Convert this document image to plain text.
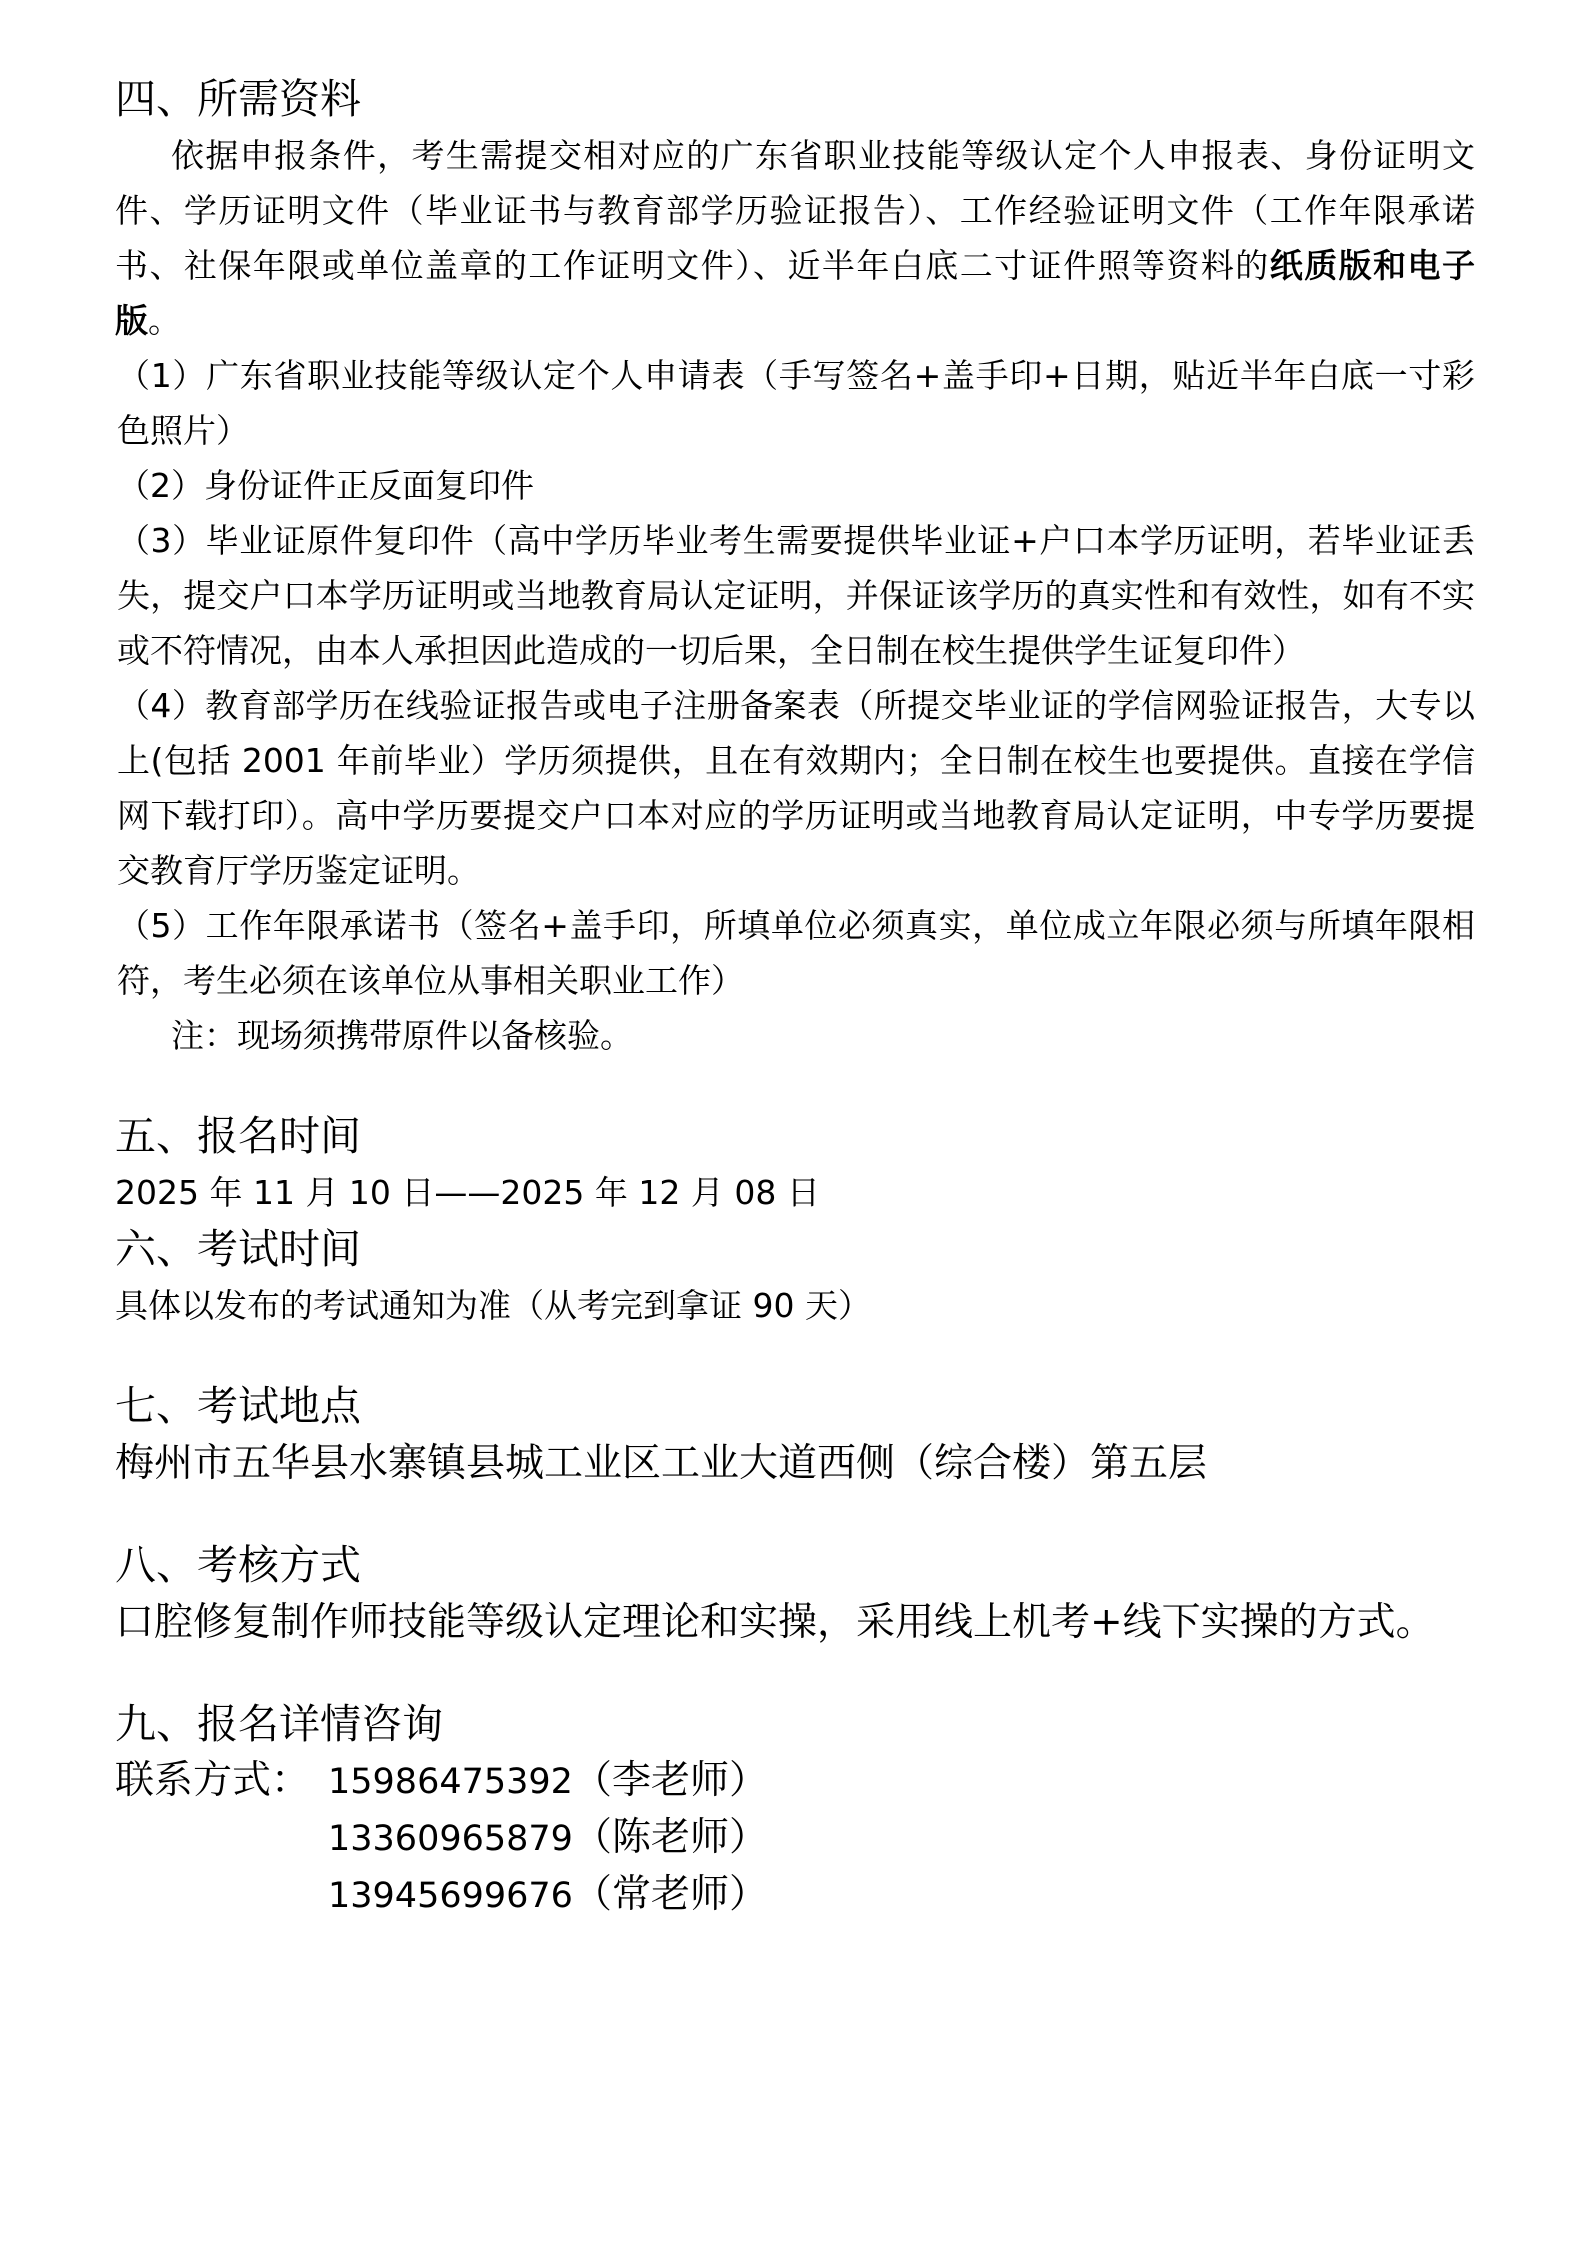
四、所需资料

依据申报条件，考生需提交相对应的广东省职业技能等级认定个人申报表、身份证明文件、学历证明文件（毕业证书与教育部学历验证报告）、工作经验证明文件（工作年限承诺书、社保年限或单位盖章的工作证明文件）、近半年白底二寸证件照等资料的纸质版和电子版。

（1）广东省职业技能等级认定个人申请表（手写签名+盖手印+日期，贴近半年白底一寸彩色照片）

（2）身份证件正反面复印件

（3）毕业证原件复印件（高中学历毕业考生需要提供毕业证+户口本学历证明，若毕业证丢失，提交户口本学历证明或当地教育局认定证明，并保证该学历的真实性和有效性，如有不实或不符情况，由本人承担因此造成的一切后果，全日制在校生提供学生证复印件）

（4）教育部学历在线验证报告或电子注册备案表（所提交毕业证的学信网验证报告，大专以上(包括 2001 年前毕业）学历须提供，且在有效期内；全日制在校生也要提供。直接在学信网下载打印）。高中学历要提交户口本对应的学历证明或当地教育局认定证明，中专学历要提交教育厅学历鉴定证明。

（5）工作年限承诺书（签名+盖手印，所填单位必须真实，单位成立年限必须与所填年限相符，考生必须在该单位从事相关职业工作）

注：现场须携带原件以备核验。

五、报名时间

2025 年 11 月 10 日——2025 年 12 月 08 日

六、考试时间

具体以发布的考试通知为准（从考完到拿证 90 天）

七、考试地点

梅州市五华县水寨镇县城工业区工业大道西侧（综合楼）第五层

八、考核方式

口腔修复制作师技能等级认定理论和实操，采用线上机考+线下实操的方式。

九、报名详情咨询
联系方式： 15986475392（李老师）
13360965879（陈老师）
13945699676（常老师）
